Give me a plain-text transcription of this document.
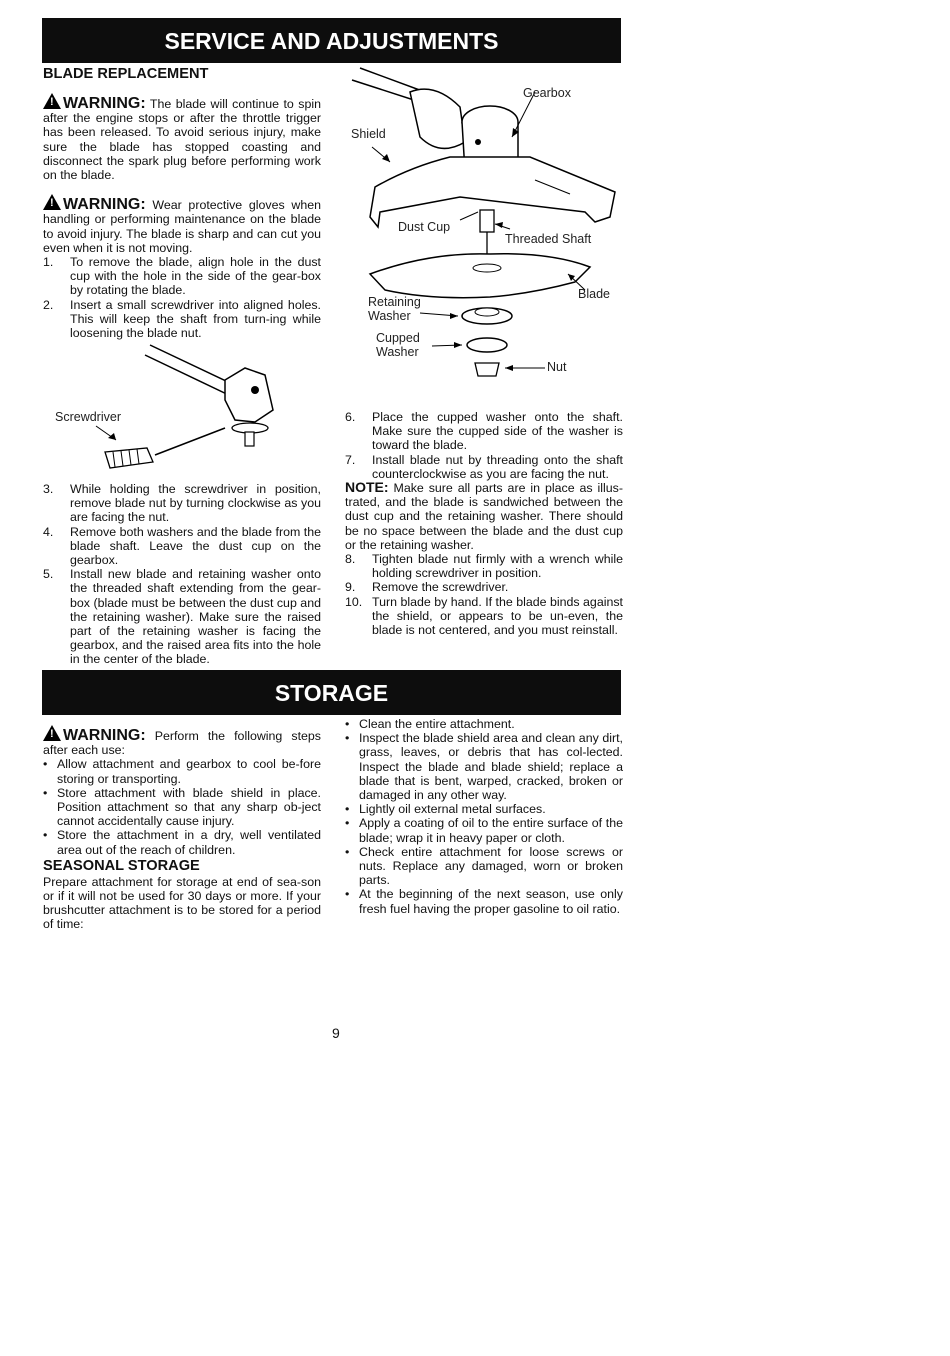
SERVICE AND ADJUSTMENTS
BLADE REPLACEMENT

!WARNING: The blade will continue to spin after the engine stops or after the throttle trigger has been released. To avoid serious injury, make sure the blade has stopped coasting and disconnect the spark plug before performing work on the blade.

!WARNING: Wear protective gloves when handling or performing maintenance on the blade to avoid injury. The blade is sharp and can cut you even when it is not moving.

1.	To remove the blade, align hole in the dust cup with the hole in the side of the gear-box by rotating the blade.
2.	Insert a small screwdriver into aligned holes. This will keep the shaft from turn-ing while loosening the blade nut.
Screwdriver
3.	While holding the screwdriver in position, remove blade nut by turning clockwise as you are facing the nut.
4.	Remove both washers and the blade from the blade shaft. Leave the dust cup on the gearbox.
5.	Install new blade and retaining washer onto the threaded shaft extending from the gear-box (blade must be between the dust cup and the retaining washer). Make sure the raised part of the retaining washer is facing the gearbox, and the raised area fits into the hole in the center of the blade.
Gearbox
Shield
Dust Cup
Threaded Shaft
Blade
Retaining
Washer
Cupped
Washer
Nut
6.	Place the cupped washer onto the shaft. Make sure the cupped side of the washer is toward the blade.
7.	Install blade nut by threading onto the shaft counterclockwise as you are facing the nut.

NOTE: Make sure all parts are in place as illus-trated, and the blade is sandwiched between the dust cup and the retaining washer. There should be no space between the blade and the dust cup or the retaining washer.

8.	Tighten blade nut firmly with a wrench while holding screwdriver in position.
9.	Remove the screwdriver.
10. Turn blade by hand. If the blade binds against the shield, or appears to be un-even, the blade is not centered, and you must reinstall.
STORAGE

!WARNING: Perform the following steps after each use:

• Allow attachment and gearbox to cool be-fore storing or transporting.
• Store attachment with blade shield in place. Position attachment so that any sharp ob-ject cannot accidentally cause injury.
• Store the attachment in a dry, well ventilated area out of the reach of children.
SEASONAL STORAGE

Prepare attachment for storage at end of sea-son or if it will not be used for 30 days or more. If your brushcutter attachment is to be stored for a period of time:

• Clean the entire attachment.
• Inspect the blade shield area and clean any dirt, grass, leaves, or debris that has col-lected. Inspect the blade and blade shield; replace a blade that is bent, warped, cracked, broken or damaged in any other way.
• Lightly oil external metal surfaces.
• Apply a coating of oil to the entire surface of the blade; wrap it in heavy paper or cloth.
• Check entire attachment for loose screws or nuts. Replace any damaged, worn or broken parts.
• At the beginning of the next season, use only fresh fuel having the proper gasoline to oil ratio.
9
